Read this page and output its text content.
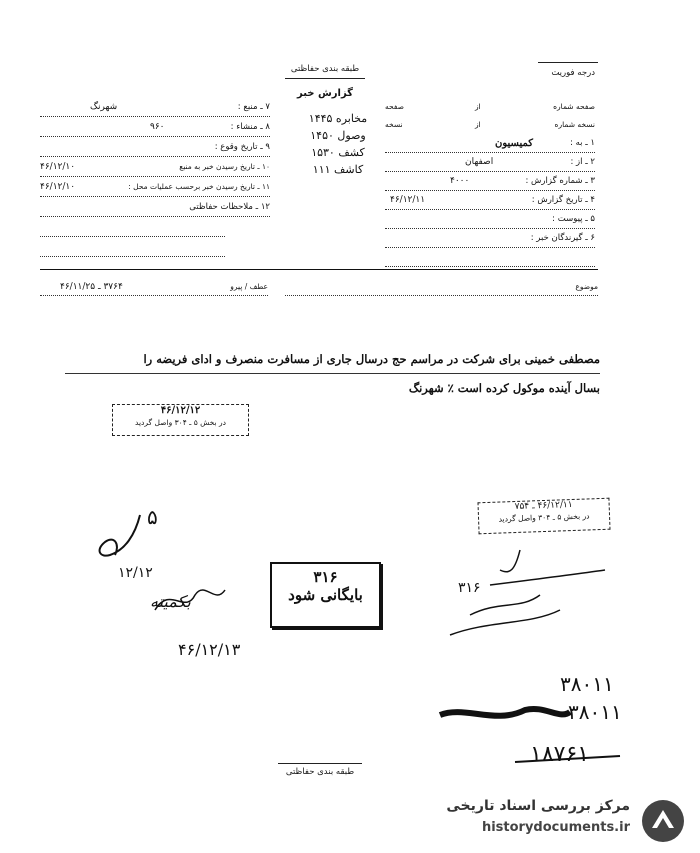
طبقه بندی حفاظتی	درجه فوریت
گزارش خبر
۷ ـ منبع :
شهرنگ
۸ ـ منشاء :
۹۶۰
۹ ـ تاریخ وقوع :
۱۰ ـ تاریخ رسیدن خبر به منبع
۴۶/۱۲/۱۰
۱۱ ـ تاریخ رسیدن خبر برحسب عملیات محل :
۴۶/۱۲/۱۰
۱۲ ـ ملاحظات حفاظتی
مخابره ۱۴۴۵
وصول ۱۴۵۰
کشف ۱۵۳۰
کاشف ۱۱۱
صفحه شماره
از
صفحه
نسخه شماره
از
نسخه
۱ ـ به :
کمیسیون
۲ ـ از :
اصفهان
۳ ـ شماره گزارش :
۴۰۰۰
۴ ـ تاریخ گزارش :
۴۶/۱۲/۱۱
۵ ـ پیوست :
۶ ـ گیرندگان خبر :
عطف / پیرو
۳۷۶۴ ـ ۴۶/۱۱/۲۵	موضوع
مصطفی خمینی برای شرکت در مراسم حج درسال جاری از مسافرت منصرف و ادای فریضه را
بسال آینده موکول کرده است ٪ شهرنگ
۴۶/۱۲/۱۲
در بخش ۵ ـ ۳۰۴ واصل گردید
۴۶/۱۲/۱۱ ـ ۷۵۴
در بخش ۵ ـ ۳۰۴ واصل گردید
۳۱۶
بایگانی شود
۵
۱۲/۱۲
بکمیته
۴۶/۱۲/۱۳
۳۱۶
۳۸۰۱۱
۳۸۰۱۱
۱۸۷۶۱
طبقه بندی حفاظتی
مرکز بررسی اسناد تاریخی
historydocuments.ir
